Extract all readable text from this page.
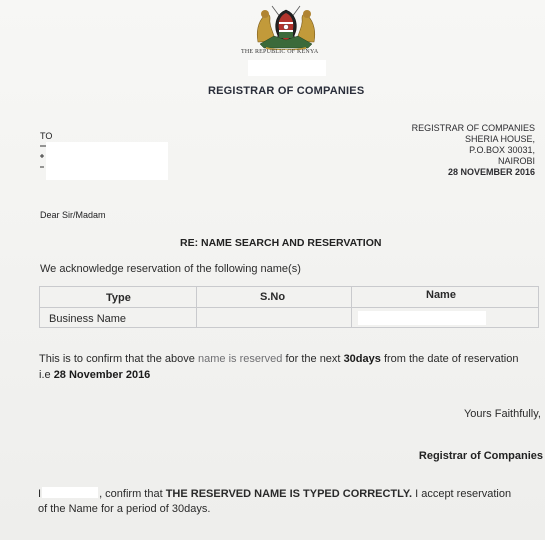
THE REPUBLIC OF KENYA
REGISTRAR OF COMPANIES
TO
REGISTRAR OF COMPANIES
SHERIA HOUSE,
P.O.BOX 30031,
NAIROBI
28 NOVEMBER 2016
Dear Sir/Madam
RE: NAME SEARCH AND RESERVATION
We acknowledge reservation of the following name(s)
Type	S.No	Name
Business Name
This is to confirm that the above name is reserved for the next 30days from the date of reservation
i.e 28 November 2016
Yours Faithfully,
Registrar of Companies
I	, confirm that THE RESERVED NAME IS TYPED CORRECTLY. I accept reservation
of the Name for a period of 30days.
